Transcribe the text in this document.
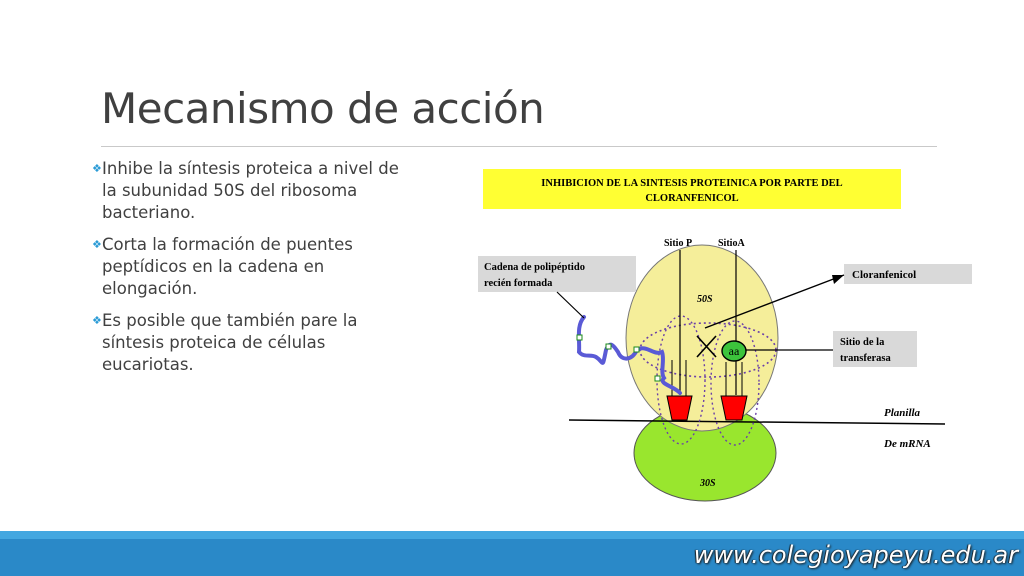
Mecanismo de acción
❖ Inhibe la síntesis proteica a nivel de la subunidad 50S del ribosoma bacteriano.
❖ Corta la formación de puentes peptídicos en la cadena en elongación.
❖ Es posible que también pare la síntesis proteica de células eucariotas.
INHIBICION DE LA SINTESIS PROTEINICA POR PARTE DEL
CLORANFENICOL
30S
50S
Sitio P	SitioA
aa
Cadena de polipéptido
recién formada
Cloranfenicol
Sitio de la
transferasa
Planilla
De mRNA
www.colegioyapeyu.edu.ar
